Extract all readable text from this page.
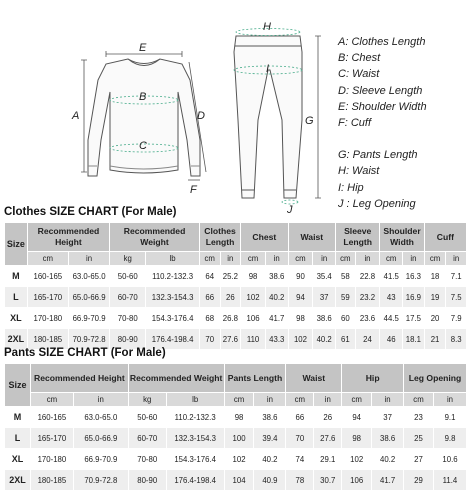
E
A
B
C
D
F
H
I
G
J
A: Clothes Length
B: Chest
C: Waist
D: Sleeve Length
E: Shoulder Width
F: Cuff
G: Pants Length
H: Waist
I: Hip
J : Leg Opening
Clothes SIZE CHART (For Male)
Size	Recommended Height		Recommended Weight		Clothes Length		Chest		Waist		Sleeve Length		Shoulder Width		Cuff	
	cm	in	kg	lb	cm	in	cm	in	cm	in	cm	in	cm	in	cm	in
M	160-165	63.0-65.0	50-60	110.2-132.3	64	25.2	98	38.6	90	35.4	58	22.8	41.5	16.3	18	7.1
L	165-170	65.0-66.9	60-70	132.3-154.3	66	26	102	40.2	94	37	59	23.2	43	16.9	19	7.5
XL	170-180	66.9-70.9	70-80	154.3-176.4	68	26.8	106	41.7	98	38.6	60	23.6	44.5	17.5	20	7.9
2XL	180-185	70.9-72.8	80-90	176.4-198.4	70	27.6	110	43.3	102	40.2	61	24	46	18.1	21	8.3
Pants SIZE CHART (For Male)
Size	Recommended Height		Recommended Weight		Pants Length		Waist		Hip		Leg Opening	
	cm	in	kg	lb	cm	in	cm	in	cm	in	cm	in
M	160-165	63.0-65.0	50-60	110.2-132.3	98	38.6	66	26	94	37	23	9.1
L	165-170	65.0-66.9	60-70	132.3-154.3	100	39.4	70	27.6	98	38.6	25	9.8
XL	170-180	66.9-70.9	70-80	154.3-176.4	102	40.2	74	29.1	102	40.2	27	10.6
2XL	180-185	70.9-72.8	80-90	176.4-198.4	104	40.9	78	30.7	106	41.7	29	11.4
